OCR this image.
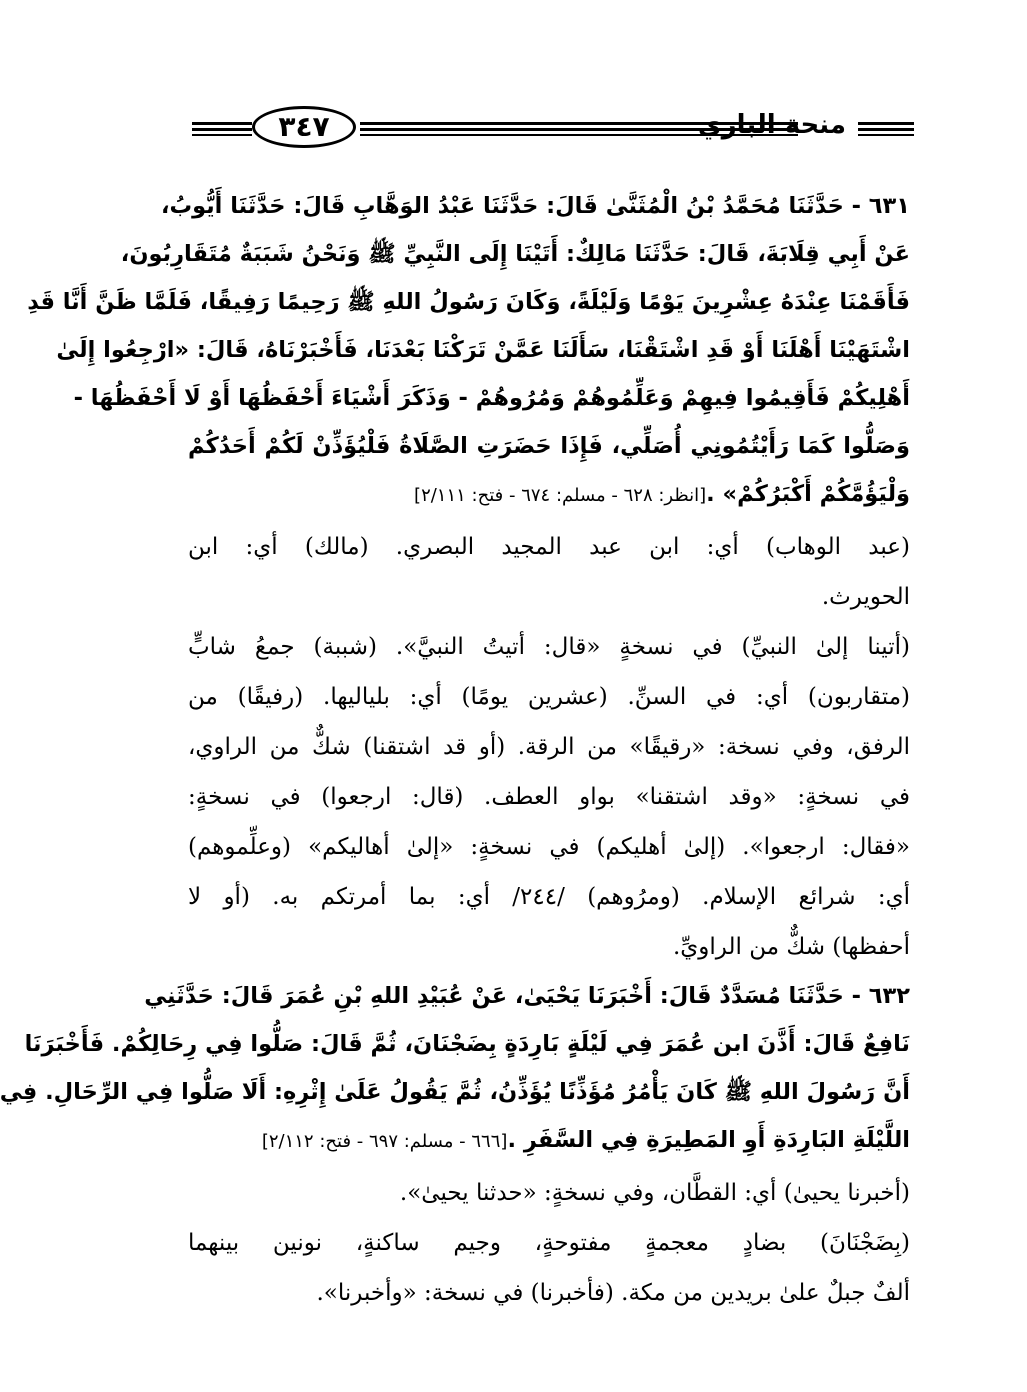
٣٤٧	منحة الباري
٦٣١ - حَدَّثَنَا مُحَمَّدُ بْنُ الْمُثَنَّىٰ قَالَ: حَدَّثَنَا عَبْدُ الوَهَّابِ قَالَ: حَدَّثَنَا أَيُّوبُ،
عَنْ أَبِي قِلَابَةَ، قَالَ: حَدَّثَنَا مَالِكٌ: أَتَيْنَا إِلَى النَّبِيِّ ﷺ وَنَحْنُ شَبَبَةٌ مُتَقَارِبُونَ،
فَأَقَمْنَا عِنْدَهُ عِشْرِينَ يَوْمًا وَلَيْلَةً، وَكَانَ رَسُولُ اللهِ ﷺ رَحِيمًا رَفِيقًا، فَلَمَّا ظَنَّ أَنَّا قَدِ
اشْتَهَيْنَا أَهْلَنَا أَوْ قَدِ اشْتَقْنَا، سَأَلَنَا عَمَّنْ تَرَكْنَا بَعْدَنَا، فَأَخْبَرْنَاهُ، قَالَ: «ارْجِعُوا إِلَىٰ
أَهْلِيكُمْ فَأَقِيمُوا فِيهِمْ وَعَلِّمُوهُمْ وَمُرُوهُمْ - وَذَكَرَ أَشْيَاءَ أَحْفَظُهَا أَوْ لَا أَحْفَظُهَا -
وَصَلُّوا كَمَا رَأَيْتُمُونِي أُصَلِّي، فَإِذَا حَضَرَتِ الصَّلَاةُ فَلْيُؤَذِّنْ لَكُمْ أَحَدُكُمْ
وَلْيَؤُمَّكُمْ أَكْبَرُكُمْ» .[انظر: ٦٢٨ - مسلم: ٦٧٤ - فتح: ٢/١١١]
(عبد الوهاب) أي: ابن عبد المجيد البصري. (مالك) أي: ابن
الحويرث.
(أتينا إلىٰ النبيِّ) في نسخةٍ «قال: أتيتُ النبيَّ». (شببة) جمعُ شابٍّ
(متقاربون) أي: في السنِّ. (عشرين يومًا) أي: بلياليها. (رفيقًا) من
الرفق، وفي نسخة: «رقيقًا» من الرقة. (أو قد اشتقنا) شكٌّ من الراوي،
في نسخةٍ: «وقد اشتقنا» بواو العطف. (قال: ارجعوا) في نسخةٍ:
«فقال: ارجعوا». (إلىٰ أهليكم) في نسخةٍ: «إلىٰ أهاليكم» (وعلِّموهم)
أي: شرائع الإسلام. (ومرُوهم) /٢٤٤/ أي: بما أمرتكم به. (أو لا
أحفظها) شكٌّ من الراويِّ.
٦٣٢ - حَدَّثَنَا مُسَدَّدٌ قَالَ: أَخْبَرَنَا يَحْيَىٰ، عَنْ عُبَيْدِ اللهِ بْنِ عُمَرَ قَالَ: حَدَّثَنِي
نَافِعٌ قَالَ: أَذَّنَ ابن عُمَرَ فِي لَيْلَةٍ بَارِدَةٍ بِضَجْنَانَ، ثُمَّ قَالَ: صَلُّوا فِي رِحَالِكُمْ. فَأَخْبَرَنَا
أَنَّ رَسُولَ اللهِ ﷺ كَانَ يَأْمُرُ مُؤَذِّنًا يُؤَذِّنُ، ثُمَّ يَقُولُ عَلَىٰ إِثْرِهِ: أَلَا صَلُّوا فِي الرِّحَالِ. فِي
اللَّيْلَةِ البَارِدَةِ أَوِ المَطِيرَةِ فِي السَّفَرِ .[٦٦٦ - مسلم: ٦٩٧ - فتح: ٢/١١٢]
(أخبرنا يحيىٰ) أي: القطَّان، وفي نسخةٍ: «حدثنا يحيىٰ».
(بِضَجْنَانَ) بضادٍ معجمةٍ مفتوحةٍ، وجيم ساكنةٍ، نونين بينهما
ألفٌ جبلٌ علىٰ بريدين من مكة. (فأخبرنا) في نسخة: «وأخبرنا».
